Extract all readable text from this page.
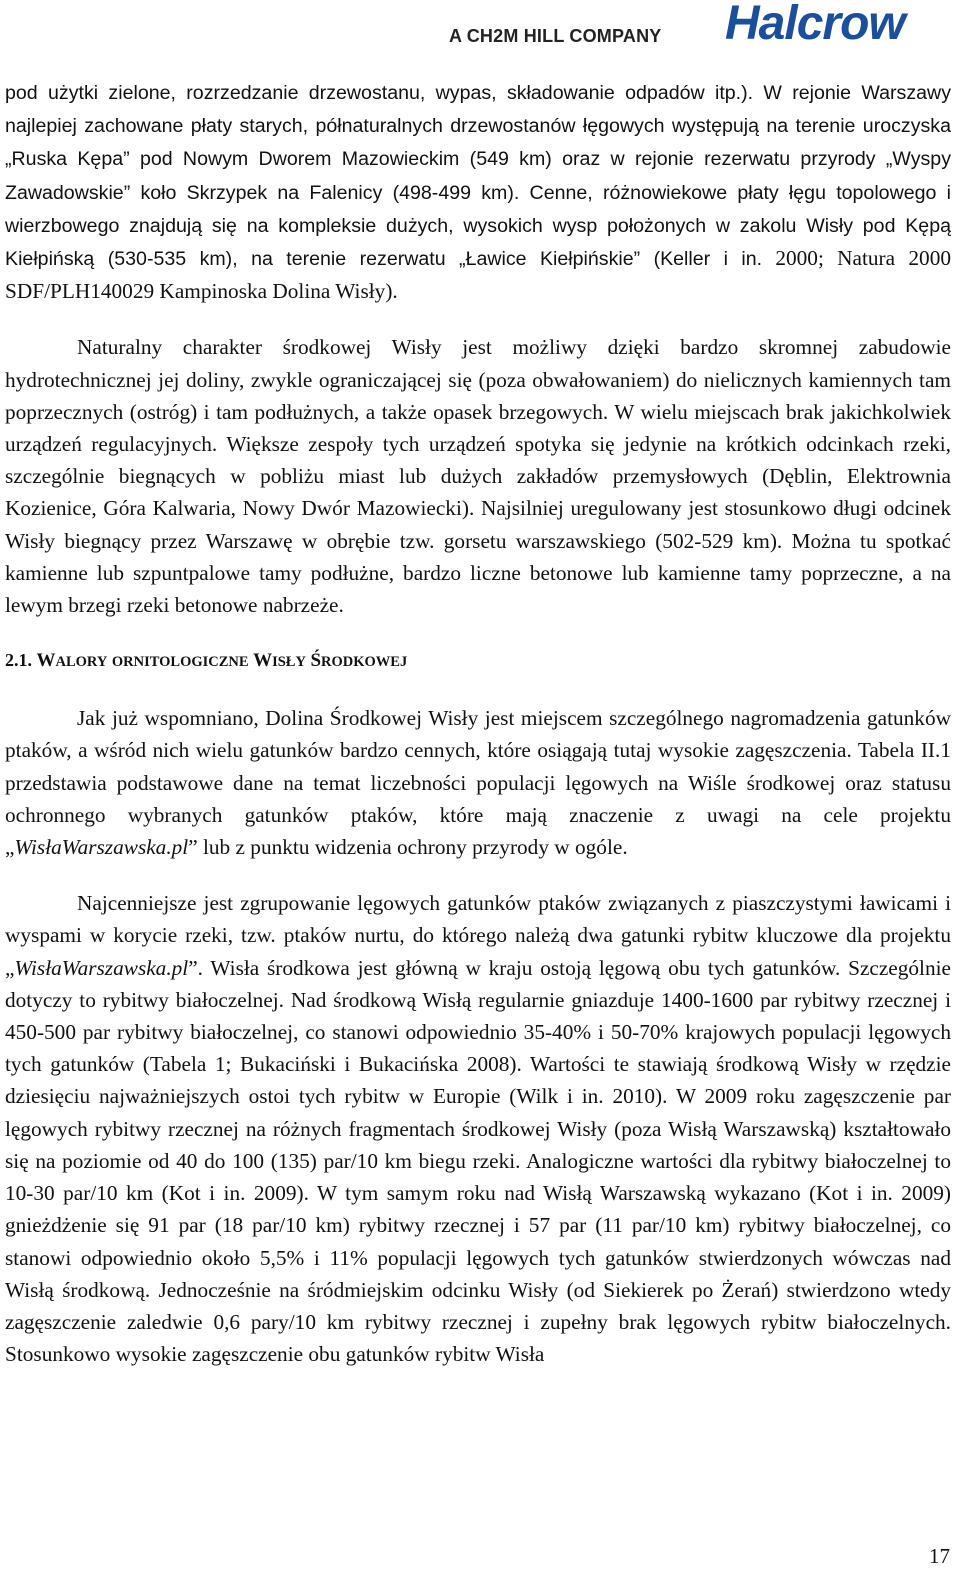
A CH2M HILL COMPANY Halcrow

pod użytki zielone, rozrzedzanie drzewostanu, wypas, składowanie odpadów itp.). W rejonie Warszawy najlepiej zachowane płaty starych, półnaturalnych drzewostanów łęgowych występują na terenie uroczyska „Ruska Kępa” pod Nowym Dworem Mazowieckim (549 km) oraz w rejonie rezerwatu przyrody „Wyspy Zawadowskie” koło Skrzypek na Falenicy (498-499 km). Cenne, różnowiekowe płaty łęgu topolowego i wierzbowego znajdują się na kompleksie dużych, wysokich wysp położonych w zakolu Wisły pod Kępą Kiełpińską (530-535 km), na terenie rezerwatu „Ławice Kiełpińskie” (Keller i in. 2000; Natura 2000 SDF/PLH140029 Kampinoska Dolina Wisły).

Naturalny charakter środkowej Wisły jest możliwy dzięki bardzo skromnej zabudowie hydrotechnicznej jej doliny, zwykle ograniczającej się (poza obwałowaniem) do nielicznych kamiennych tam poprzecznych (ostróg) i tam podłużnych, a także opasek brzegowych. W wielu miejscach brak jakichkolwiek urządzeń regulacyjnych. Większe zespoły tych urządzeń spotyka się jedynie na krótkich odcinkach rzeki, szczególnie biegnących w pobliżu miast lub dużych zakładów przemysłowych (Dęblin, Elektrownia Kozienice, Góra Kalwaria, Nowy Dwór Mazowiecki). Najsilniej uregulowany jest stosunkowo długi odcinek Wisły biegnący przez Warszawę w obrębie tzw. gorsetu warszawskiego (502-529 km). Można tu spotkać kamienne lub szpuntpalowe tamy podłużne, bardzo liczne betonowe lub kamienne tamy poprzeczne, a na lewym brzegi rzeki betonowe nabrzeże.

2.1. WALORY ORNITOLOGICZNE WISŁY ŚRODKOWEJ

Jak już wspomniano, Dolina Środkowej Wisły jest miejscem szczególnego nagromadzenia gatunków ptaków, a wśród nich wielu gatunków bardzo cennych, które osiągają tutaj wysokie zagęszczenia. Tabela II.1 przedstawia podstawowe dane na temat liczebności populacji lęgowych na Wiśle środkowej oraz statusu ochronnego wybranych gatunków ptaków, które mają znaczenie z uwagi na cele projektu „WisłaWarszawska.pl” lub z punktu widzenia ochrony przyrody w ogóle.

Najcenniejsze jest zgrupowanie lęgowych gatunków ptaków związanych z piaszczystymi ławicami i wyspami w korycie rzeki, tzw. ptaków nurtu, do którego należą dwa gatunki rybitw kluczowe dla projektu „WisłaWarszawska.pl”. Wisła środkowa jest główną w kraju ostoją lęgową obu tych gatunków. Szczególnie dotyczy to rybitwy białoczelnej. Nad środkową Wisłą regularnie gniazduje 1400-1600 par rybitwy rzecznej i 450-500 par rybitwy białoczelnej, co stanowi odpowiednio 35-40% i 50-70% krajowych populacji lęgowych tych gatunków (Tabela 1; Bukaciński i Bukacińska 2008). Wartości te stawiają środkową Wisły w rzędzie dziesięciu najważniejszych ostoi tych rybitw w Europie (Wilk i in. 2010). W 2009 roku zagęszczenie par lęgowych rybitwy rzecznej na różnych fragmentach środkowej Wisły (poza Wisłą Warszawską) kształtowało się na poziomie od 40 do 100 (135) par/10 km biegu rzeki. Analogiczne wartości dla rybitwy białoczelnej to 10-30 par/10 km (Kot i in. 2009). W tym samym roku nad Wisłą Warszawską wykazano (Kot i in. 2009) gnieżdżenie się 91 par (18 par/10 km) rybitwy rzecznej i 57 par (11 par/10 km) rybitwy białoczelnej, co stanowi odpowiednio około 5,5% i 11% populacji lęgowych tych gatunków stwierdzonych wówczas nad Wisłą środkową. Jednocześnie na śródmiejskim odcinku Wisły (od Siekierek po Żerań) stwierdzono wtedy zagęszczenie zaledwie 0,6 pary/10 km rybitwy rzecznej i zupełny brak lęgowych rybitw białoczelnych. Stosunkowo wysokie zagęszczenie obu gatunków rybitw Wisła

17
